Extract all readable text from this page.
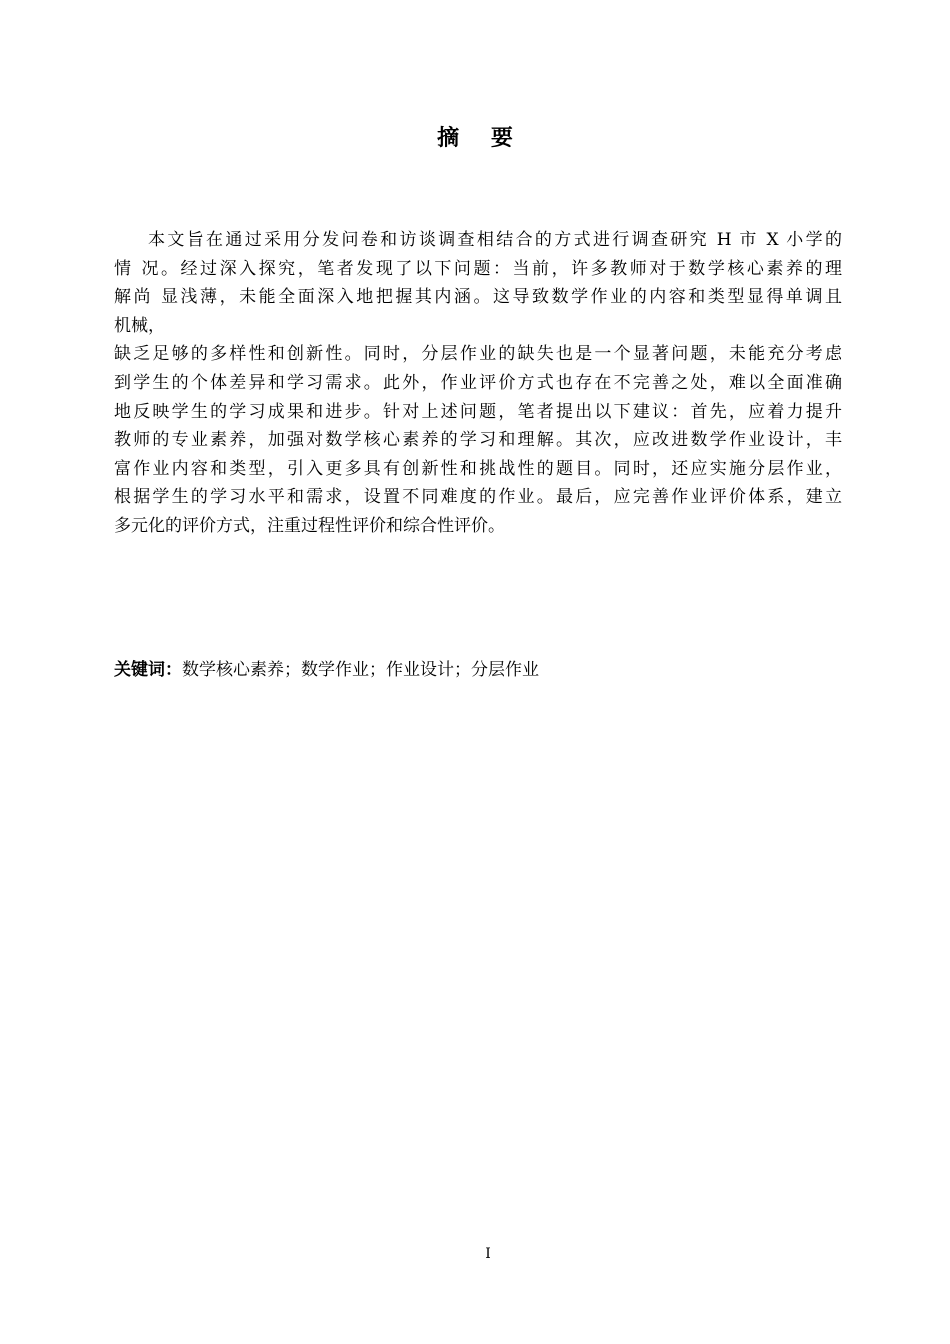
摘 要
本文旨在通过采用分发问卷和访谈调查相结合的方式进行调查研究 H 市 X 小学的
情 况。经过深入探究，笔者发现了以下问题：当前，许多教师对于数学核心素养的理
解尚 显浅薄，未能全面深入地把握其内涵。这导致数学作业的内容和类型显得单调且
机械，
缺乏足够的多样性和创新性。同时，分层作业的缺失也是一个显著问题，未能充分考虑
到学生的个体差异和学习需求。此外，作业评价方式也存在不完善之处，难以全面准确
地反映学生的学习成果和进步。针对上述问题，笔者提出以下建议：首先，应着力提升
教师的专业素养，加强对数学核心素养的学习和理解。其次，应改进数学作业设计，丰
富作业内容和类型，引入更多具有创新性和挑战性的题目。同时，还应实施分层作业，
根据学生的学习水平和需求，设置不同难度的作业。最后，应完善作业评价体系，建立
多元化的评价方式，注重过程性评价和综合性评价。
关键词：数学核心素养；数学作业；作业设计；分层作业
I
